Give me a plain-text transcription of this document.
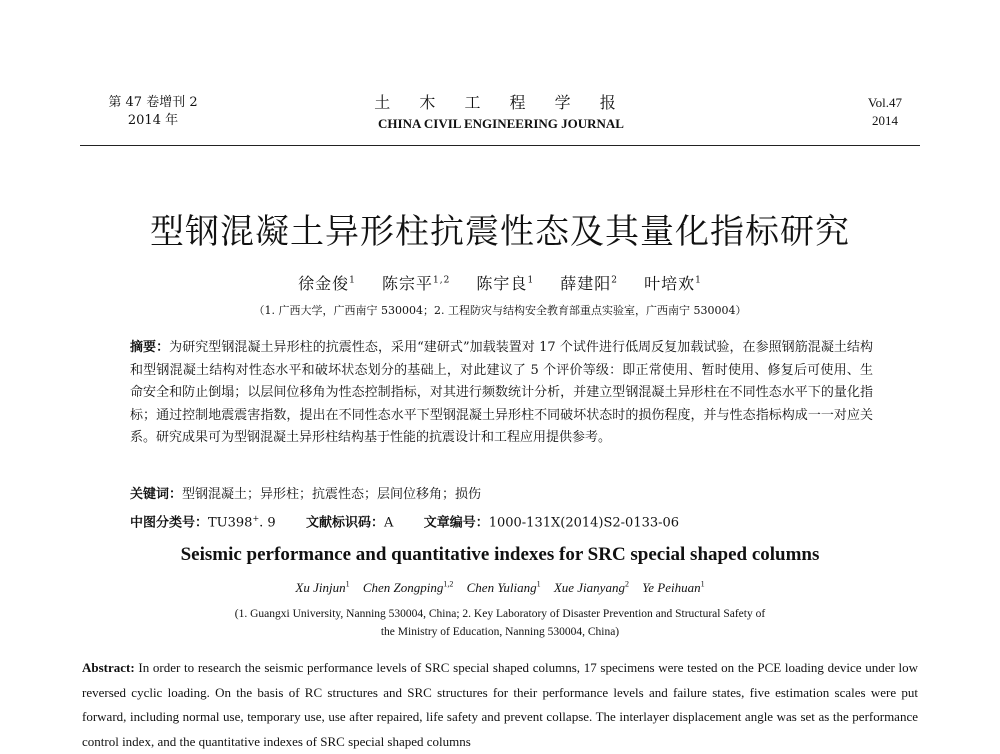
第 47 卷增刊 2
2014 年
土 木 工 程 学 报
CHINA CIVIL ENGINEERING JOURNAL
Vol.47
2014
型钢混凝土异形柱抗震性态及其量化指标研究
徐金俊$^1$ 陈宗平$^{1,2}$ 陈宇良$^1$ 薛建阳$^2$ 叶培欢$^1$
（1. 广西大学，广西南宁 530004；2. 工程防灾与结构安全教育部重点实验室，广西南宁 530004）
摘要：为研究型钢混凝土异形柱的抗震性态，采用“建研式”加载装置对 17 个试件进行低周反复加载试验，在参照钢筋混凝土结构和型钢混凝土结构对性态水平和破坏状态划分的基础上，对此建议了 5 个评价等级：即正常使用、暂时使用、修复后可使用、生命安全和防止倒塌；以层间位移角为性态控制指标，对其进行频数统计分析，并建立型钢混凝土异形柱在不同性态水平下的量化指标；通过控制地震震害指数，提出在不同性态水平下型钢混凝土异形柱不同破坏状态时的损伤程度，并与性态指标构成一一对应关系。研究成果可为型钢混凝土异形柱结构基于性能的抗震设计和工程应用提供参考。
关键词：型钢混凝土；异形柱；抗震性态；层间位移角；损伤
中图分类号：TU398+. 9 文献标识码：A 文章编号：1000-131X(2014)S2-0133-06
Seismic performance and quantitative indexes for SRC special shaped columns
Xu Jinjun$^1$ Chen Zongping$^{1,2}$ Chen Yuliang$^1$ Xue Jianyang$^2$ Ye Peihuan$^1$
(1. Guangxi University, Nanning 530004, China; 2. Key Laboratory of Disaster Prevention and Structural Safety of
the Ministry of Education, Nanning 530004, China)
Abstract: In order to research the seismic performance levels of SRC special shaped columns, 17 specimens were tested on the PCE loading device under low reversed cyclic loading. On the basis of RC structures and SRC structures for their performance levels and failure states, five estimation scales were put forward, including normal use, temporary use, use after repaired, life safety and prevent collapse. The interlayer displacement angle was set as the performance control index, and the quantitative indexes of SRC special shaped columns
